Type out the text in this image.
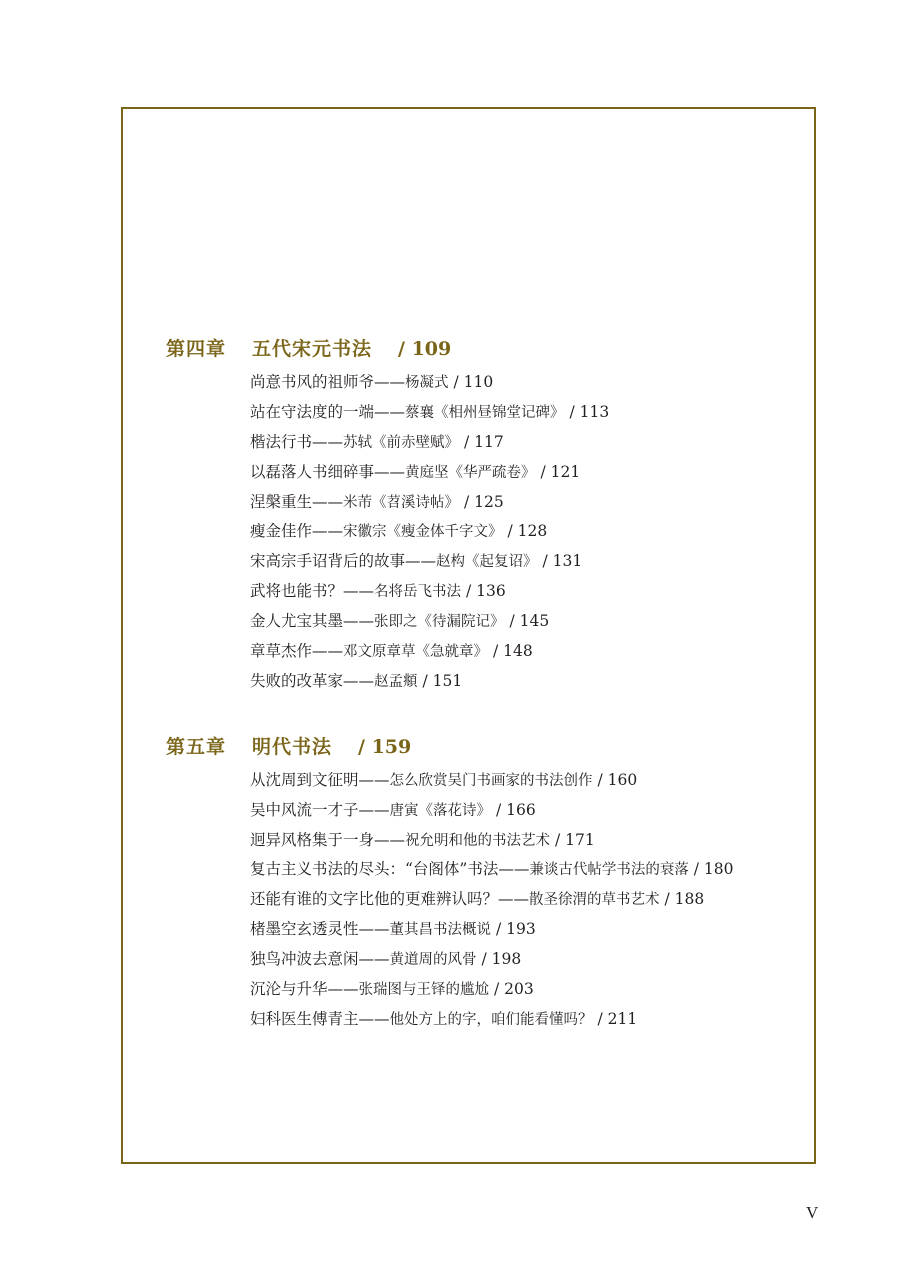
第四章	五代宋元书法 / 109
尚意书风的祖师爷——杨凝式 / 110
站在守法度的一端——蔡襄《相州昼锦堂记碑》 / 113
楷法行书——苏轼《前赤壁赋》 / 117
以磊落人书细碎事——黄庭坚《华严疏卷》 / 121
涅槃重生——米芾《苕溪诗帖》 / 125
瘦金佳作——宋徽宗《瘦金体千字文》 / 128
宋高宗手诏背后的故事——赵构《起复诏》 / 131
武将也能书？——名将岳飞书法 / 136
金人尤宝其墨——张即之《待漏院记》 / 145
章草杰作——邓文原章草《急就章》 / 148
失败的改革家——赵孟頫 / 151
第五章	明代书法 / 159
从沈周到文征明——怎么欣赏吴门书画家的书法创作 / 160
吴中风流一才子——唐寅《落花诗》 / 166
迥异风格集于一身——祝允明和他的书法艺术 / 171
复古主义书法的尽头：“台阁体”书法——兼谈古代帖学书法的衰落 / 180
还能有谁的文字比他的更难辨认吗？——散圣徐渭的草书艺术 / 188
楮墨空玄透灵性——董其昌书法概说 / 193
独鸟冲波去意闲——黄道周的风骨 / 198
沉沦与升华——张瑞图与王铎的尴尬 / 203
妇科医生傅青主——他处方上的字，咱们能看懂吗？ / 211
V
